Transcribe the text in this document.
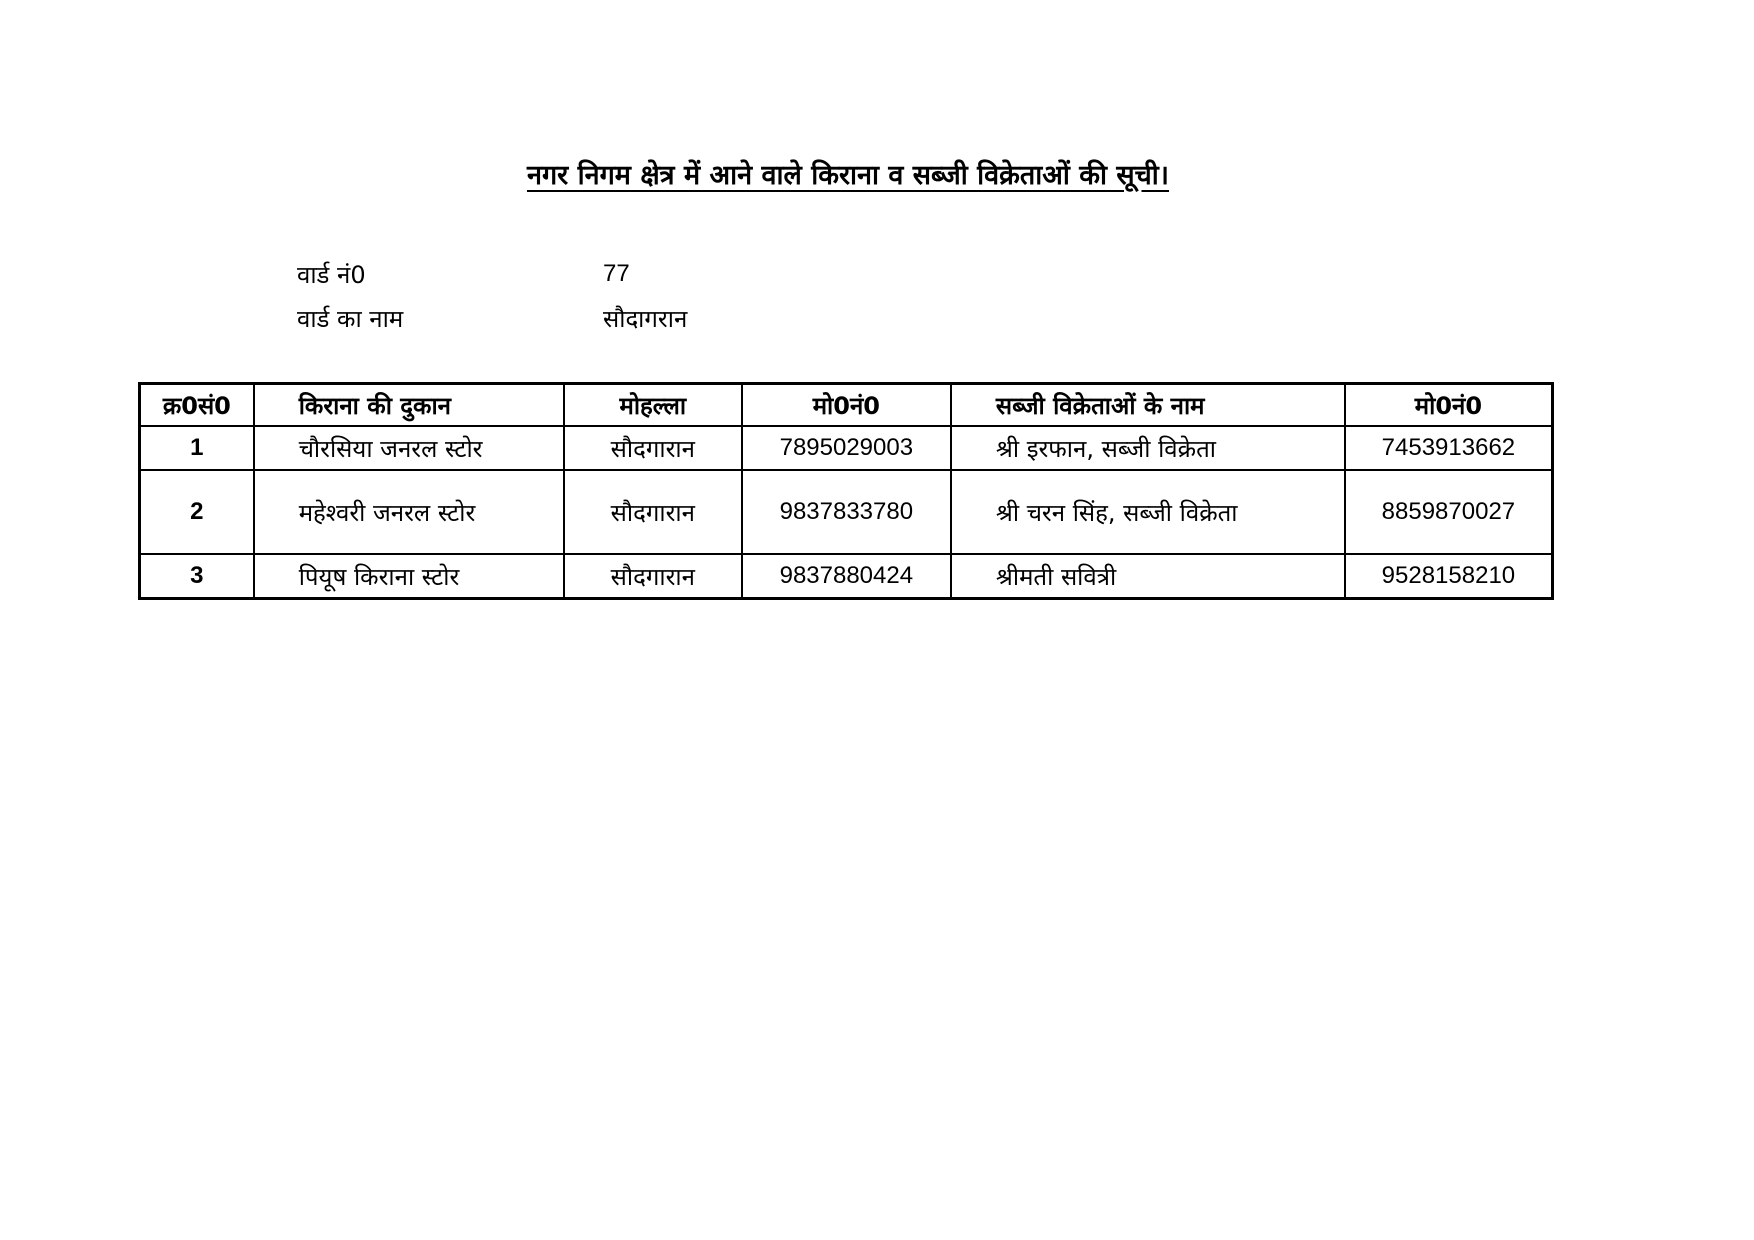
नगर निगम क्षेत्र में आने वाले किराना व सब्जी विक्रेताओं की सूची।
वार्ड नं0	77
वार्ड का नाम	सौदागरान
क्र0सं0	किराना की दुकान	मोहल्ला	मो0नं0	सब्जी विक्रेताओं के नाम	मो0नं0
1	चौरसिया जनरल स्टोर	सौदगारान	7895029003	श्री इरफान, सब्जी विक्रेता	7453913662
2	महेश्वरी जनरल स्टोर	सौदगारान	9837833780	श्री चरन सिंह, सब्जी विक्रेता	8859870027
3	पियूष किराना स्टोर	सौदगारान	9837880424	श्रीमती सवित्री	9528158210
